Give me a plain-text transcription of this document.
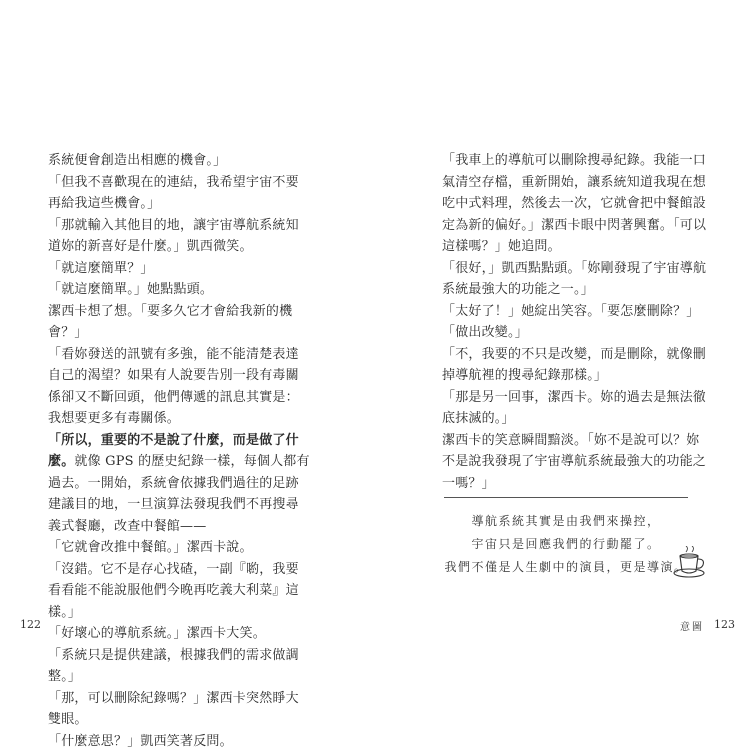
系統便會創造出相應的機會。」

「但我不喜歡現在的連結，我希望宇宙不要再給我這些機會。」

「那就輸入其他目的地，讓宇宙導航系統知道妳的新喜好是什麼。」凱西微笑。

「就這麼簡單？」

「就這麼簡單。」她點點頭。

潔西卡想了想。「要多久它才會給我新的機會？」

「看妳發送的訊號有多強，能不能清楚表達自己的渴望？如果有人說要告別一段有毒關係卻又不斷回頭，他們傳遞的訊息其實是：我想要更多有毒關係。

「所以，重要的不是說了什麼，而是做了什麼。就像 GPS 的歷史紀錄一樣，每個人都有過去。一開始，系統會依據我們過往的足跡建議目的地，一旦演算法發現我們不再搜尋義式餐廳，改查中餐館——

「它就會改推中餐館。」潔西卡說。

「沒錯。它不是存心找碴，一副『喲，我要看看能不能說服他們今晚再吃義大利菜』這樣。」

「好壞心的導航系統。」潔西卡大笑。

「系統只是提供建議，根據我們的需求做調整。」

「那，可以刪除紀錄嗎？」潔西卡突然睜大雙眼。

「什麼意思？」凱西笑著反問。

「我車上的導航可以刪除搜尋紀錄。我能一口氣清空存檔，重新開始，讓系統知道我現在想吃中式料理，然後去一次，它就會把中餐館設定為新的偏好。」潔西卡眼中閃著興奮。「可以這樣嗎？」她追問。

「很好，」凱西點點頭。「妳剛發現了宇宙導航系統最強大的功能之一。」

「太好了！」她綻出笑容。「要怎麼刪除？」

「做出改變。」

「不，我要的不只是改變，而是刪除，就像刪掉導航裡的搜尋紀錄那樣。」

「那是另一回事，潔西卡。妳的過去是無法徹底抹滅的。」

潔西卡的笑意瞬間黯淡。「妳不是說可以？妳不是說我發現了宇宙導航系統最強大的功能之一嗎？」

導航系統其實是由我們來操控，
宇宙只是回應我們的行動罷了。
我們不僅是人生劇中的演員，更是導演。
122	意圖 123
